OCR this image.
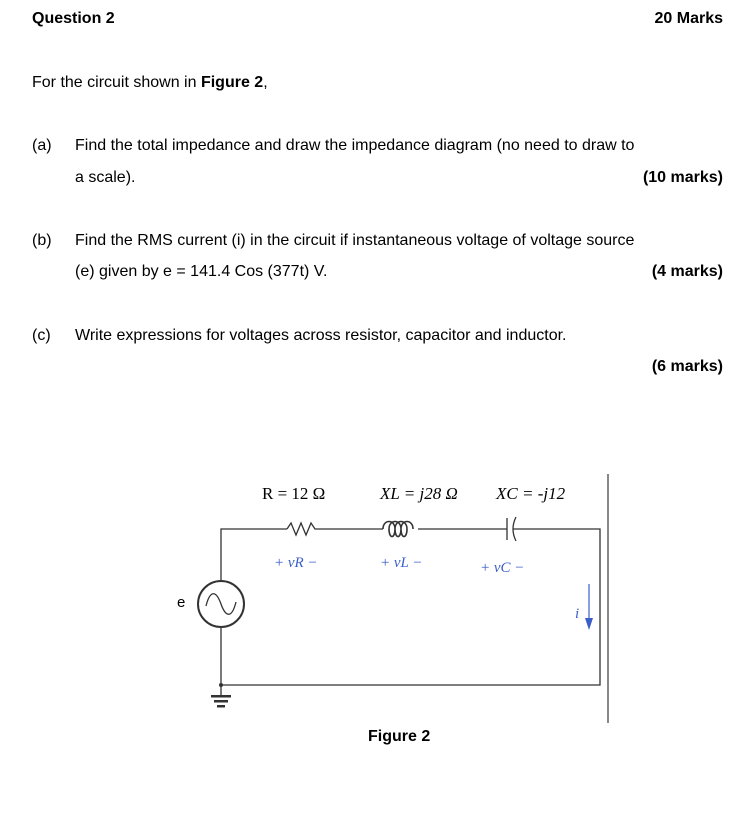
Question 2	20 Marks
For the circuit shown in Figure 2,
(a) Find the total impedance and draw the impedance diagram (no need to draw to
a scale).	(10 marks)
(b) Find the RMS current (i) in the circuit if instantaneous voltage of voltage source
(e) given by e = 141.4 Cos (377t) V.	(4 marks)
(c) Write expressions for voltages across resistor, capacitor and inductor.
(6 marks)
R = 12 Ω	XL = j28 Ω XC = -j12
+ vR −	+ vL −	+ vC −
e
i
Figure 2
